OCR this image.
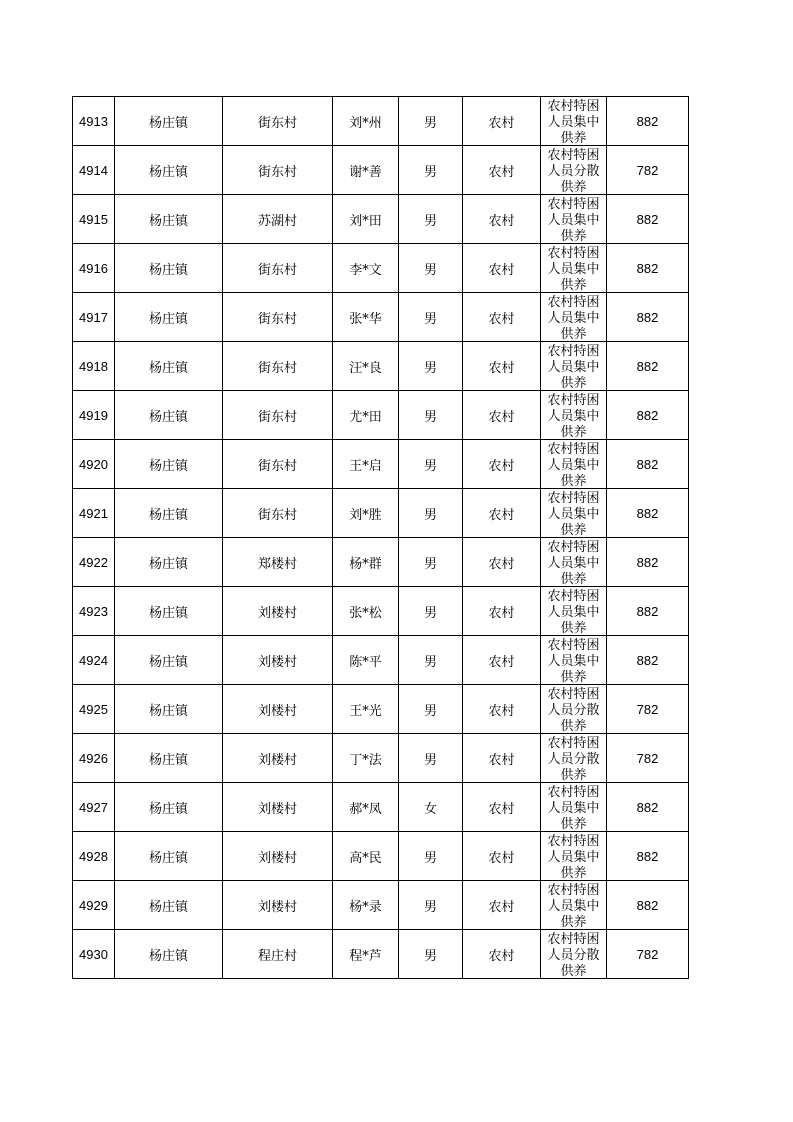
4913	杨庄镇	街东村	刘*州	男	农村	农村特困人员集中供养	882
4914	杨庄镇	街东村	谢*善	男	农村	农村特困人员分散供养	782
4915	杨庄镇	苏湖村	刘*田	男	农村	农村特困人员集中供养	882
4916	杨庄镇	街东村	李*文	男	农村	农村特困人员集中供养	882
4917	杨庄镇	街东村	张*华	男	农村	农村特困人员集中供养	882
4918	杨庄镇	街东村	汪*良	男	农村	农村特困人员集中供养	882
4919	杨庄镇	街东村	尤*田	男	农村	农村特困人员集中供养	882
4920	杨庄镇	街东村	王*启	男	农村	农村特困人员集中供养	882
4921	杨庄镇	街东村	刘*胜	男	农村	农村特困人员集中供养	882
4922	杨庄镇	郑楼村	杨*群	男	农村	农村特困人员集中供养	882
4923	杨庄镇	刘楼村	张*松	男	农村	农村特困人员集中供养	882
4924	杨庄镇	刘楼村	陈*平	男	农村	农村特困人员集中供养	882
4925	杨庄镇	刘楼村	王*光	男	农村	农村特困人员分散供养	782
4926	杨庄镇	刘楼村	丁*法	男	农村	农村特困人员分散供养	782
4927	杨庄镇	刘楼村	郝*凤	女	农村	农村特困人员集中供养	882
4928	杨庄镇	刘楼村	高*民	男	农村	农村特困人员集中供养	882
4929	杨庄镇	刘楼村	杨*录	男	农村	农村特困人员集中供养	882
4930	杨庄镇	程庄村	程*芦	男	农村	农村特困人员分散供养	782
